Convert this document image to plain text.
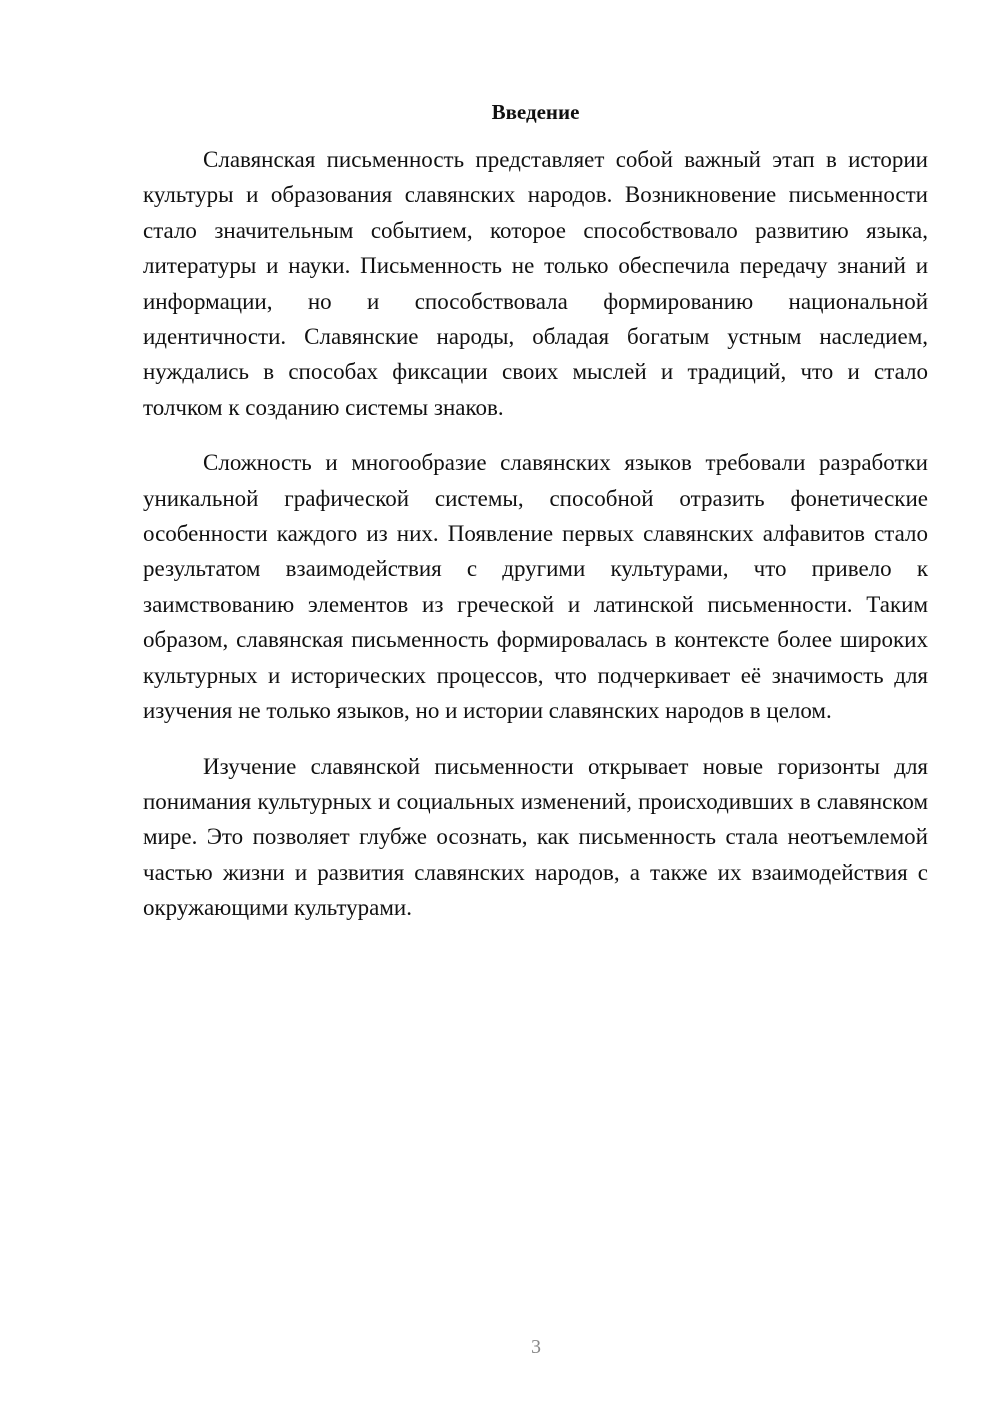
Введение

Славянская письменность представляет собой важный этап в истории культуры и образования славянских народов. Возникновение письменности стало значительным событием, которое способствовало развитию языка, литературы и науки. Письменность не только обеспечила передачу знаний и информации, но и способствовала формированию национальной идентичности. Славянские народы, обладая богатым устным наследием, нуждались в способах фиксации своих мыслей и традиций, что и стало толчком к созданию системы знаков.

Сложность и многообразие славянских языков требовали разработки уникальной графической системы, способной отразить фонетические особенности каждого из них. Появление первых славянских алфавитов стало результатом взаимодействия с другими культурами, что привело к заимствованию элементов из греческой и латинской письменности. Таким образом, славянская письменность формировалась в контексте более широких культурных и исторических процессов, что подчеркивает её значимость для изучения не только языков, но и истории славянских народов в целом.

Изучение славянской письменности открывает новые горизонты для понимания культурных и социальных изменений, происходивших в славянском мире. Это позволяет глубже осознать, как письменность стала неотъемлемой частью жизни и развития славянских народов, а также их взаимодействия с окружающими культурами.

3
